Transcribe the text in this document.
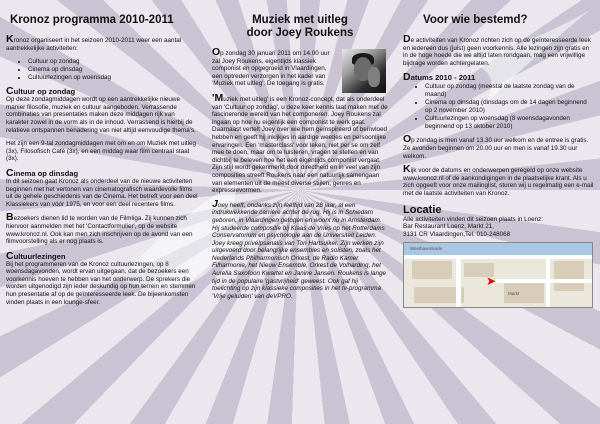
Kronoz programma 2010-2011

Kronoz organiseert in het seizoen 2010-2011 weer een aantal aantrekkelijke activiteiten:

• Cultuur op zondag
• Cinema op dinsdag
• Cultuurlezingen op woensdag
Cultuur op zondag

Op deze zondagmiddagen wordt op een aantrekkelijke nieuwe manier filosofie, muziek en cultuur aangeboden. Verrassende combinaties van presentaties maken deze middagen rijk van karakter zowel in de vorm als in de inhoud. Verrassend is hierbij de relatieve ontspannen benadering van niet altijd eenvoudige thema's.

Het zijn een 9-tal zondagmiddagen met om en om Muziek met uitleg (3x), Filosofisch Café (3x), en een middag waar film centraal staat (3x).

Cinema op dinsdag

In dit seizoen gaat Kronoz als onderdeel van de nieuwe activiteiten beginnen met het vertonen van cinematografisch waardevolle films uit de gehele geschiedenis van de Cinema. Het betreft voor een deel Klassiekers van vóór 1975, en voor een deel recentere films.

Bezoekers dienen lid te worden van de Filmliga. Zij kunnen zich hiervoor aanmelden met het 'Contactformulier', op de website www.kronoz.nl. Ook kan men zich inschrijven op de avond van een filmvoorstelling als er nog plaats is.

Cultuurlezingen

Bij het programmeren van de Kronoz cultuurlezingen, op 8 woensdagavonden, wordt ervan uitgegaan, dat de bezoekers een voorkennis hoeven te hebben van het onderwerp. De sprekers die worden uitgenodigd zijn ieder deskundig op hun terrein en stemmen hun presentatie af op de geïnteresseerde leek. De bijeenkomsten vinden plaats in een lounge-sfeer.

Muziek met uitleg
door Joey Roukens

Op zondag 30 januari 2011 om 14.00 uur zal Joey Roukens, eigentijds klassiek componist en opgegroeid in Vlaardingen, een optreden verzorgen in het kader van 'Muziek met uitleg'. De toegang is gratis.

'Muziek met uitleg' is een Kronoz-concept, dat als onderdeel van 'Cultuur op zondag', u deze keer kennis laat maken met de fascinerende wereld van het componeren. Joey Roukens zal ingaan op hoe nu eigenlijk een componist te werk gaat. Daarnaast vertelt Joey over wie hem geïnspireerd of beïnvloed hebben en geeft hij inkijkjes in aardige weetjes en persoonlijke ervaringen. Een 'masterclass' voor leken, niet per se om zelf mee te doen, maar om te luisteren, vragen te stellen en van dichtbij te beleven hoe het een eigentijds componist vergaat. Zijn stijl wordt gekenmerkt door directheid en in veel van zijn composities streeft Roukens naar een natuurlijk samengaan van elementen uit de meest diverse stijlen, genres en expressievormen.

Joey heeft, ondanks zijn leeftijd van 28 jaar, al een indrukwekkende carrière achter de rug. Hij is in Schiedam geboren, in Vlaardingen getogen en woont nu in Amsterdam. Hij studeerde compositie bij Klaas de Vries op het Rotterdams Conservatorium en psychologie aan de Universiteit Leiden. Joey kreeg privélpsanalis van Ton Hartsuiker. Zijn werken zijn uitgevoerd door belangrijke ensembles en solisten, zoals het Nederlands Philharmonisch Orkest, de Radio Kamer Filharmonie, het Nieuw Ensemble, Orkest de Volharding, het Aurelia Saxofoon Kwartet en Janine Jansen. Roukens is lange tijd in de populaire 'gastvrijheid' geweest. Ook gaf hij toelichting op zijn klassieke composities in het tv-programma 'Vrije geluiden' van deVPRO.

Voor wie bestemd?

De activiteiten van Kronoz richten zich op de geïnteresseerde leek en iedereen dus (juist) geen voorkennis. Alle lezingen zijn gratis en in de hoge hoede die we altijd laten rondgaan, mag een vrijwillige bijdrage worden achtergelaten.

Datums 2010 - 2011
• Cultuur op zondag (meestal de laatste zondag van de maand)
• Cinema op dinsdag (dinsdags om de 14 dagen beginnend op 2 november 2010)
• Cultuurlezingen op woensdag (8 woensdagavonden beginnend op 13 oktober 2010)

Op zondag is men vanaf 13.30 uur welkom en de entree is gratis. Ze avonden beginnen om 20.00 uur en men is vanaf 19.30 uur welkom.

Kijk voor de datums en onderwerpen geregeld op onze website www.kronoz.nl of de aankondigingen in de plaatselijke krant. Als u zich opgeeft voor onze mailinglist, sturen wij u regelmatig een e-mail met de laatste activiteiten van Kronoz.

Locatie
Alle activiteiten vinden dit seizoen plaats in Loenz:
Bar Restaurant Loenz, Markt 21,
3131 CR Vlaardingen,Tel. 010-248068
Westhavenkade
Markt
➤
